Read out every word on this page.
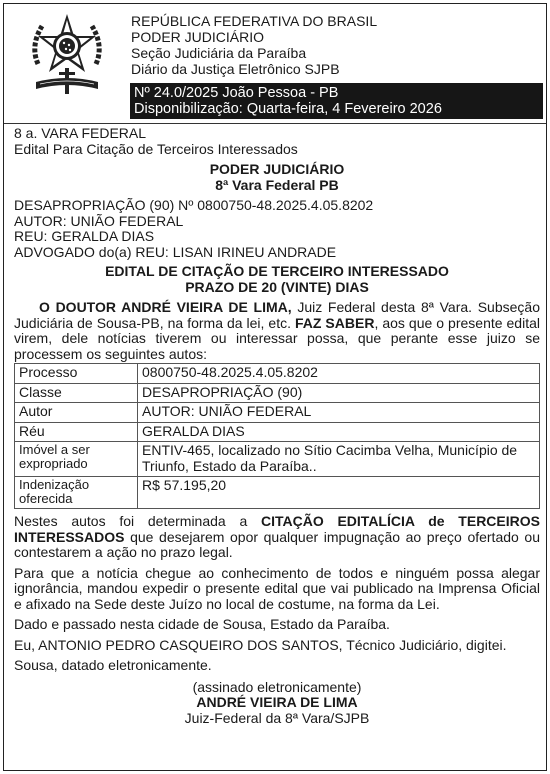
REPÚBLICA FEDERATIVA DO BRASIL
PODER JUDICIÁRIO
Seção Judiciária da Paraíba
Diário da Justiça Eletrônico SJPB
Nº 24.0/2025 João Pessoa - PB
Disponibilização: Quarta-feira, 4 Fevereiro 2026
8 a. VARA FEDERAL
Edital Para Citação de Terceiros Interessados
PODER JUDICIÁRIO
8ª Vara Federal PB
DESAPROPRIAÇÃO (90) Nº 0800750-48.2025.4.05.8202
AUTOR: UNIÃO FEDERAL
REU: GERALDA DIAS
ADVOGADO do(a) REU: LISAN IRINEU ANDRADE
EDITAL DE CITAÇÃO DE TERCEIRO INTERESSADO
PRAZO DE 20 (VINTE) DIAS

O DOUTOR ANDRÉ VIEIRA DE LIMA, Juiz Federal desta 8ª Vara. Subseção Judiciária de Sousa-PB, na forma da lei, etc. FAZ SABER, aos que o presente edital virem, dele notícias tiverem ou interessar possa, que perante esse juizo se processem os seguintes autos:

Processo	0800750-48.2025.4.05.8202
Classe	DESAPROPRIAÇÃO (90)
Autor	AUTOR: UNIÃO FEDERAL
Réu	GERALDA DIAS
Imóvel a ser expropriado	ENTIV-465, localizado no Sítio Cacimba Velha, Município de Triunfo, Estado da Paraíba..
Indenização oferecida	R$ 57.195,20

Nestes autos foi determinada a CITAÇÃO EDITALÍCIA de TERCEIROS INTERESSADOS que desejarem opor qualquer impugnação ao preço ofertado ou contestarem a ação no prazo legal.

Para que a notícia chegue ao conhecimento de todos e ninguém possa alegar ignorância, mandou expedir o presente edital que vai publicado na Imprensa Oficial e afixado na Sede deste Juízo no local de costume, na forma da Lei.

Dado e passado nesta cidade de Sousa, Estado da Paraíba.

Eu, ANTONIO PEDRO CASQUEIRO DOS SANTOS, Técnico Judiciário, digitei.

Sousa, datado eletronicamente.

(assinado eletronicamente)
ANDRÉ VIEIRA DE LIMA
Juiz-Federal da 8ª Vara/SJPB
